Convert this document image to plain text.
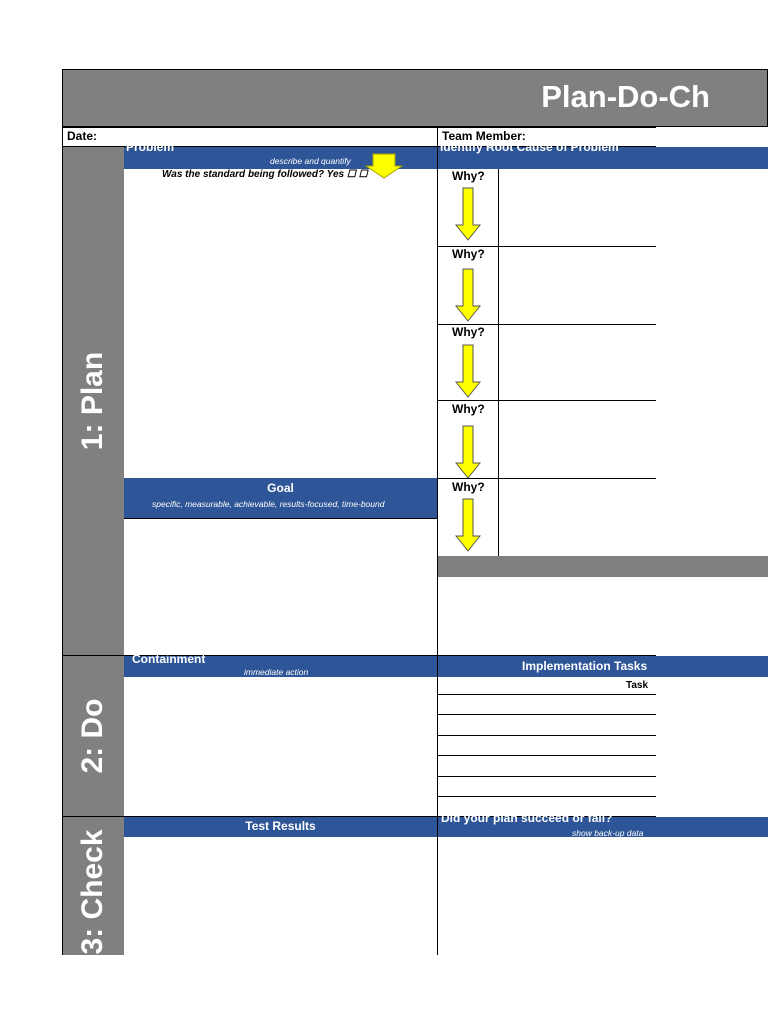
Plan-Do-Ch
Date:	Team Member:
1: Plan
2: Do
3: Check
Problem
describe and quantify
Was the standard being followed? Yes ☐ ☐
Identify Root Cause of Problem
Why?
Why?
Why?
Why?
Why?
Goal
specific, measurable, achievable, results-focused, time-bound
Containment
immediate action	Implementation Tasks
Task
Test Results
Did your plan succeed or fail?
show back-up data
